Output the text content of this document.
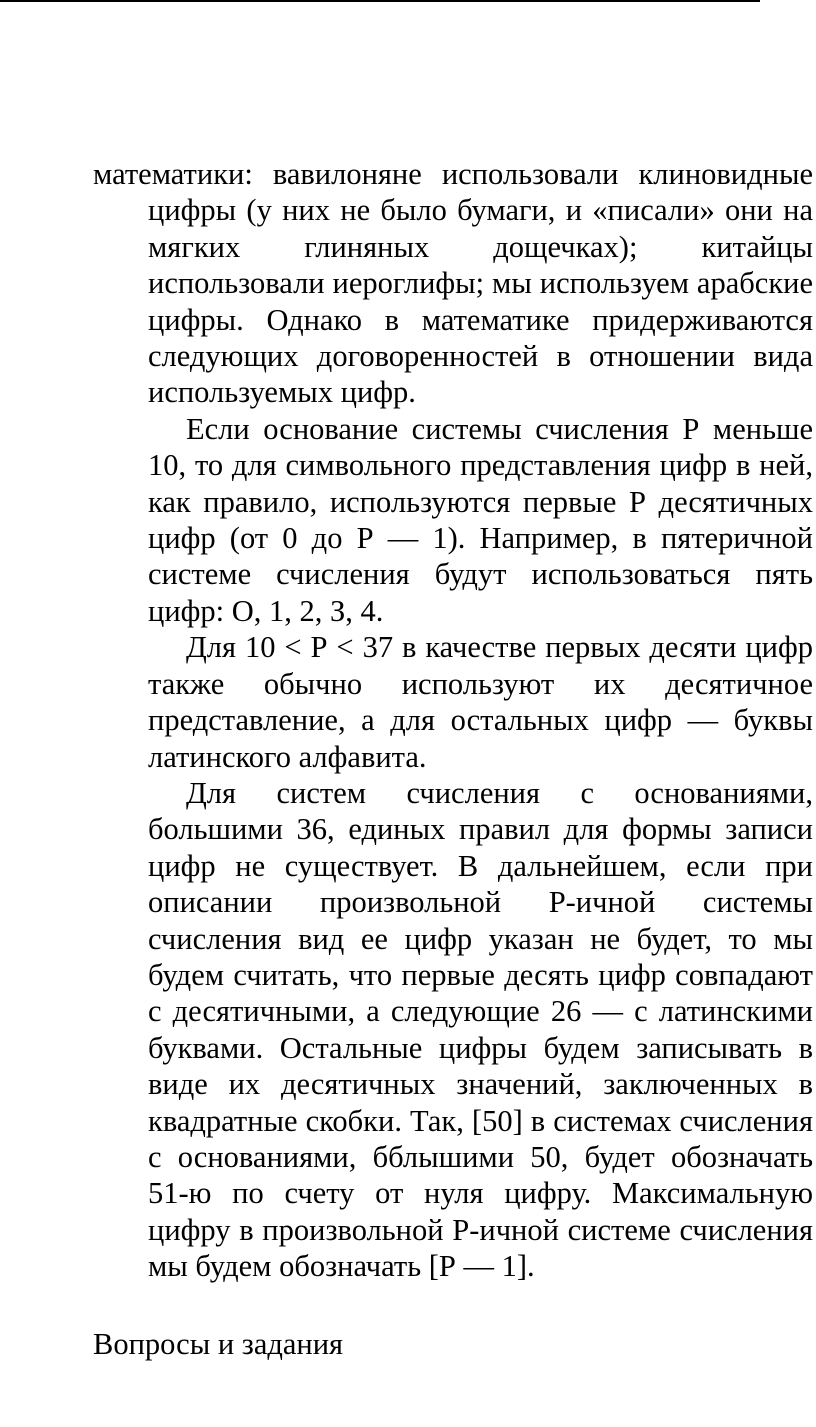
математики: вавилоняне использовали клиновидные цифры (у них не было бумаги, и «писали» они на мягких глиняных дощечках); китайцы использовали иероглифы; мы используем арабские цифры. Однако в математике придерживаются следующих договоренностей в отношении вида используемых цифр.

Если основание системы счисления Р меньше 10, то для символьного представления цифр в ней, как правило, используются первые Р десятичных цифр (от 0 до Р — 1). Например, в пятеричной системе счисления будут использоваться пять цифр: О, 1, 2, З, 4.

Для 10 < Р < 37 в качестве первых десяти цифр также обычно используют их десятичное представление, а для остальных цифр — буквы латинского алфавита.

Для систем счисления с основаниями, большими 36, единых правил для формы записи цифр не существует. В дальнейшем, если при описании произвольной Р-ичной системы счисления вид ее цифр указан не будет, то мы будем считать, что первые десять цифр совпадают с десятичными, а следующие 26 — с латинскими буквами. Остальные цифры будем записывать в виде их десятичных значений, заключенных в квадратные скобки. Так, [50] в системах счисления с основаниями, бблышими 50, будет обозначать 51-ю по счету от нуля цифру. Максимальную цифру в произвольной Р-ичной системе счисления мы будем обозначать [Р — 1].

Вопросы и задания
